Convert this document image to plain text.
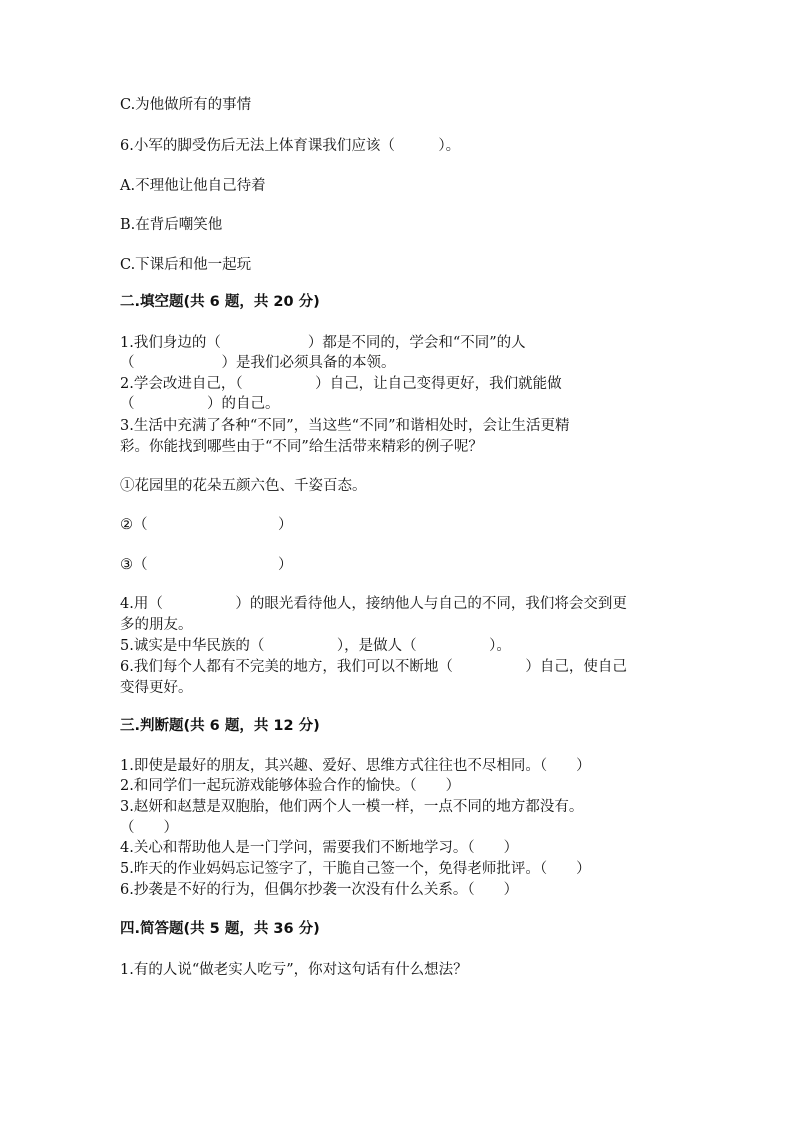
C.为他做所有的事情
6.小军的脚受伤后无法上体育课我们应该（　　　）。
A.不理他让他自己待着
B.在背后嘲笑他
C.下课后和他一起玩
二.填空题(共 6 题，共 20 分)
1.我们身边的（　　　　　　）都是不同的，学会和“不同”的人
（　　　　　　）是我们必须具备的本领。
2.学会改进自己，（　　　　　）自己，让自己变得更好，我们就能做
（　　　　　）的自己。
3.生活中充满了各种“不同”，当这些“不同”和谐相处时，会让生活更精
彩。你能找到哪些由于“不同”给生活带来精彩的例子呢？
①花园里的花朵五颜六色、千姿百态。
②（　　　　　　　　　）
③（　　　　　　　　　）
4.用（　　　　　）的眼光看待他人，接纳他人与自己的不同，我们将会交到更
多的朋友。
5.诚实是中华民族的（　　　　　），是做人（　　　　　）。
6.我们每个人都有不完美的地方，我们可以不断地（　　　　　）自己，使自己
变得更好。
三.判断题(共 6 题，共 12 分)
1.即使是最好的朋友，其兴趣、爱好、思维方式往往也不尽相同。（　　）
2.和同学们一起玩游戏能够体验合作的愉快。（　　）
3.赵妍和赵慧是双胞胎，他们两个人一模一样，一点不同的地方都没有。
（　　）
4.关心和帮助他人是一门学问，需要我们不断地学习。（　　）
5.昨天的作业妈妈忘记签字了，干脆自己签一个，免得老师批评。（　　）
6.抄袭是不好的行为，但偶尔抄袭一次没有什么关系。（　　）
四.简答题(共 5 题，共 36 分)
1.有的人说“做老实人吃亏”，你对这句话有什么想法？
